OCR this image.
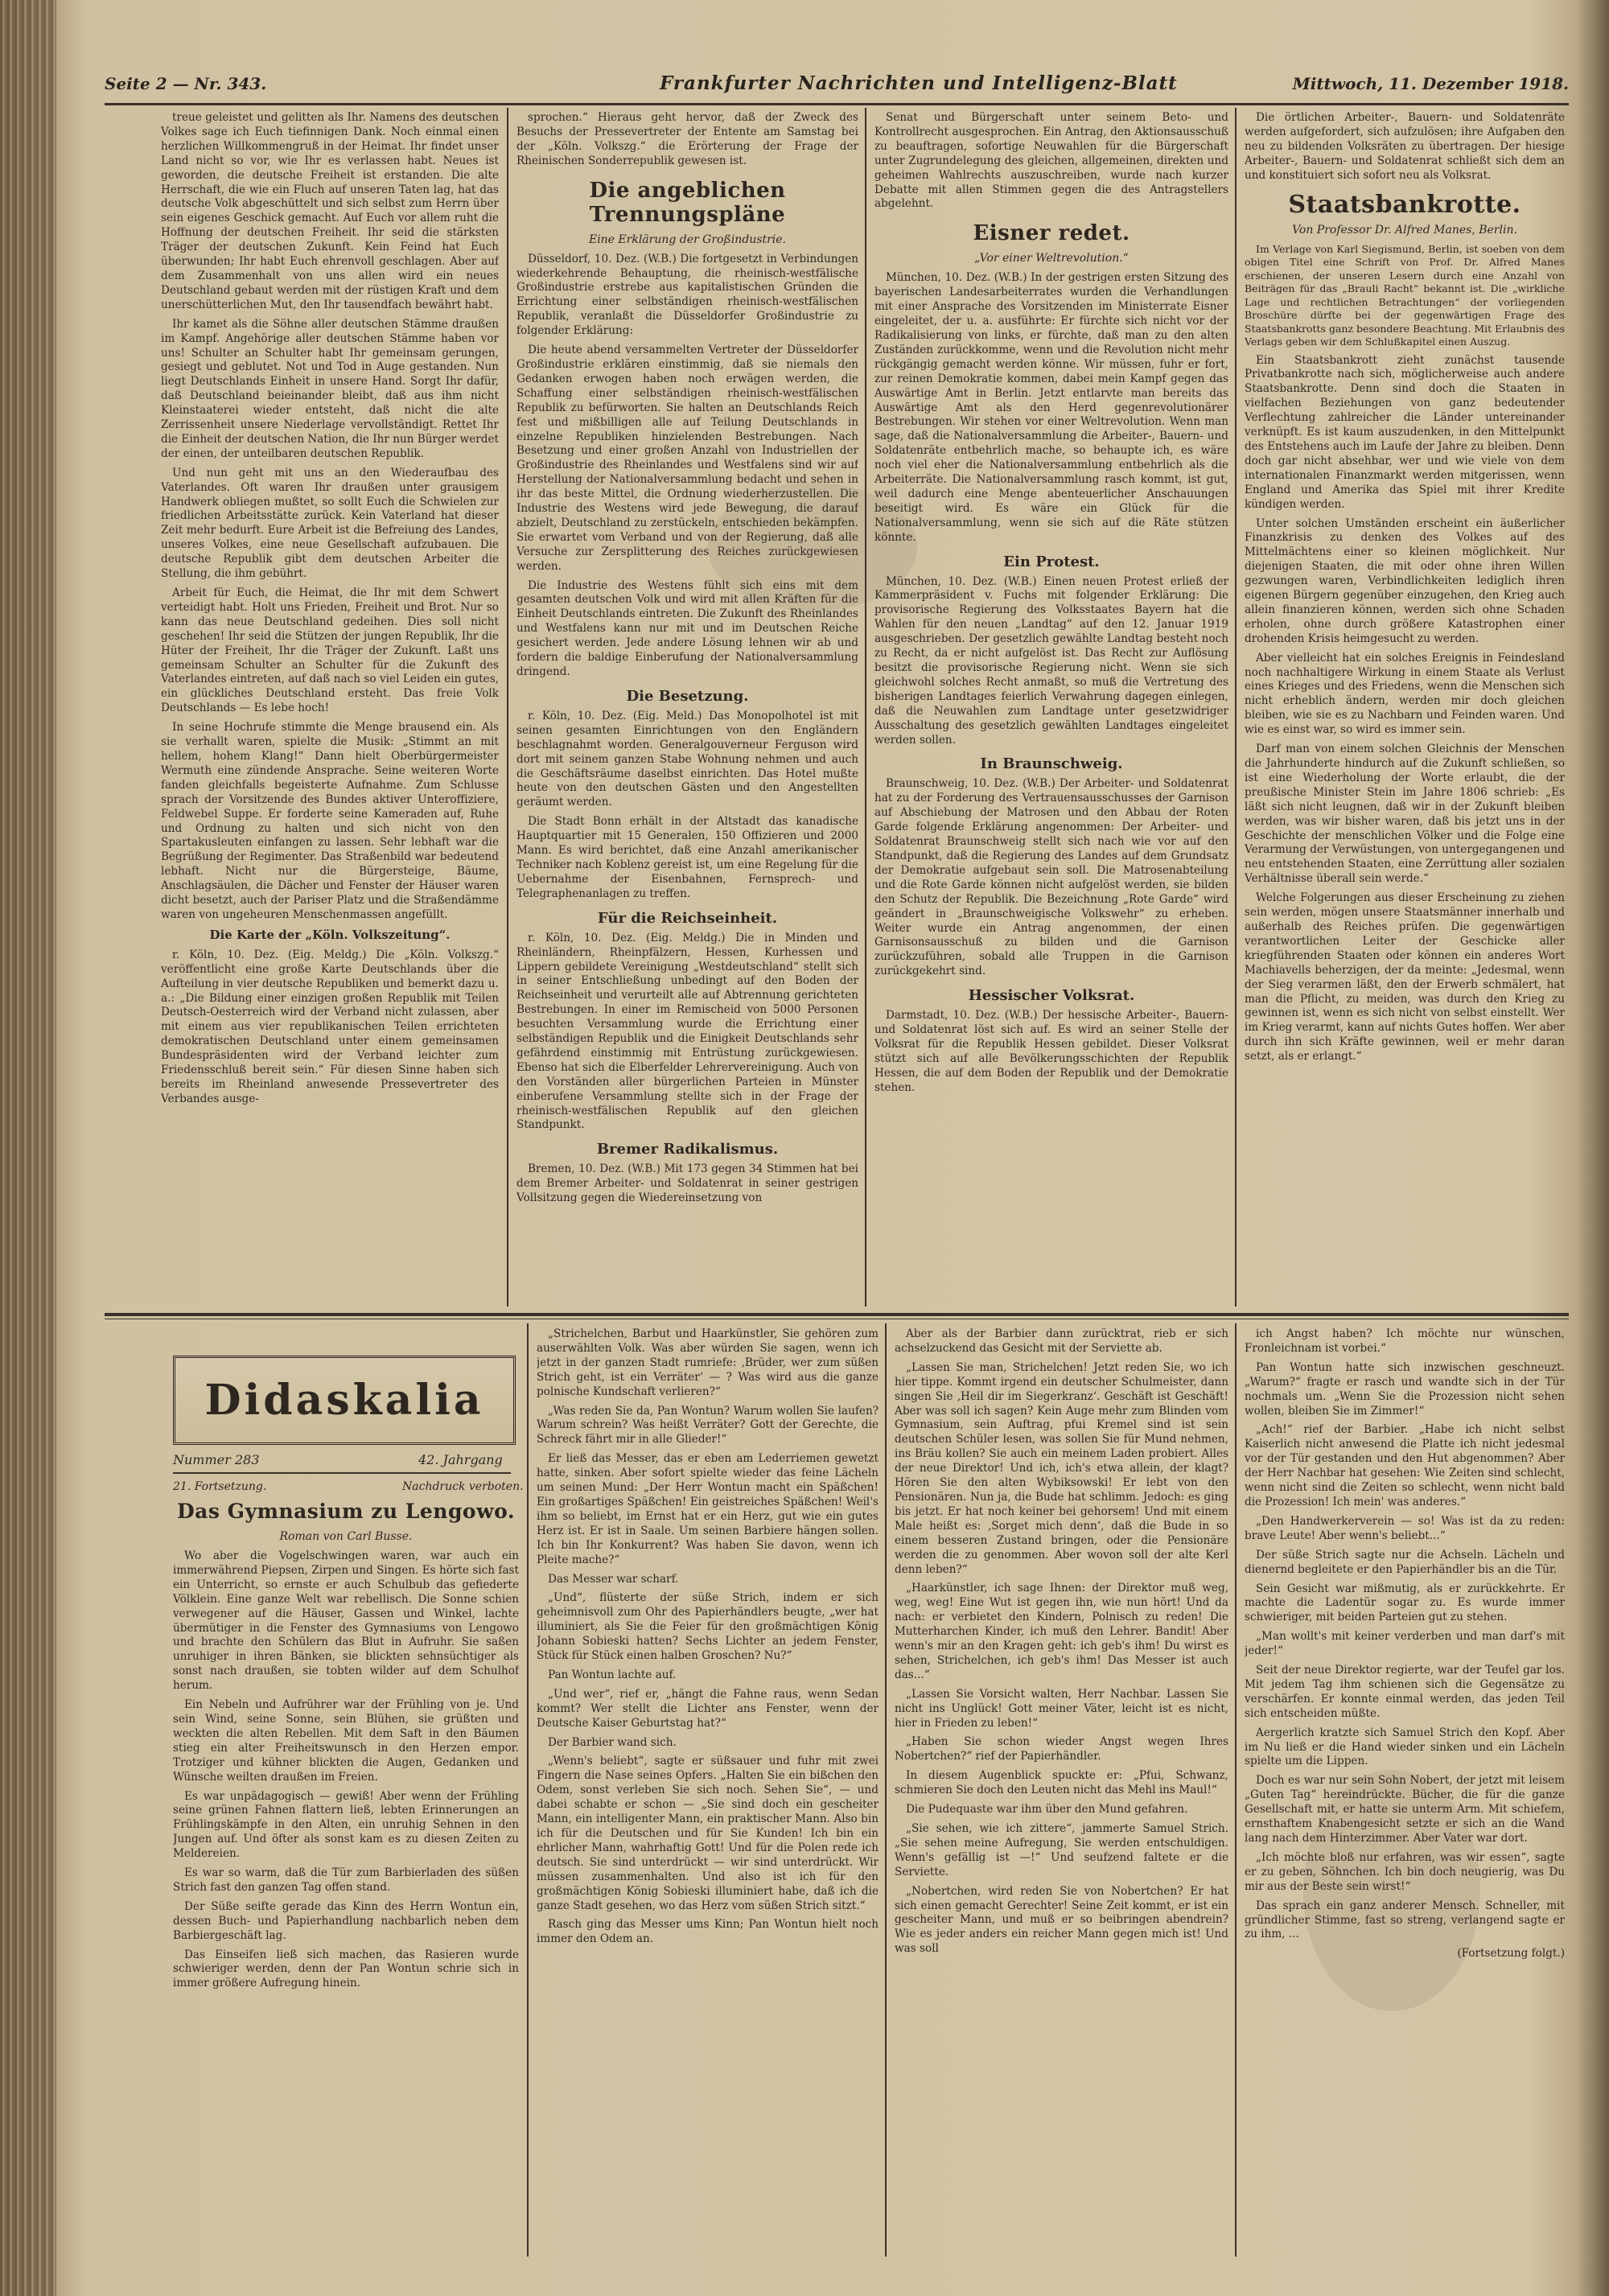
Seite 2 — Nr. 343.	Frankfurter Nachrichten und Intelligenz-Blatt	Mittwoch, 11. Dezember 1918.

treue geleistet und gelitten als Ihr. Namens des deutschen Volkes sage ich Euch tiefinnigen Dank. Noch einmal einen herzlichen Willkommengruß in der Heimat. Ihr findet unser Land nicht so vor, wie Ihr es verlassen habt. Neues ist geworden, die deutsche Freiheit ist erstanden. Die alte Herrschaft, die wie ein Fluch auf unseren Taten lag, hat das deutsche Volk abgeschüttelt und sich selbst zum Herrn über sein eigenes Geschick gemacht. Auf Euch vor allem ruht die Hoffnung der deutschen Freiheit. Ihr seid die stärksten Träger der deutschen Zukunft. Kein Feind hat Euch überwunden; Ihr habt Euch ehrenvoll geschlagen. Aber auf dem Zusammenhalt von uns allen wird ein neues Deutschland gebaut werden mit der rüstigen Kraft und dem unerschütterlichen Mut, den Ihr tausendfach bewährt habt.

Ihr kamet als die Söhne aller deutschen Stämme draußen im Kampf. Angehörige aller deutschen Stämme haben vor uns! Schulter an Schulter habt Ihr gemeinsam gerungen, gesiegt und geblutet. Not und Tod in Auge gestanden. Nun liegt Deutschlands Einheit in unsere Hand. Sorgt Ihr dafür, daß Deutschland beieinander bleibt, daß aus ihm nicht Kleinstaaterei wieder entsteht, daß nicht die alte Zerrissenheit unsere Niederlage vervollständigt. Rettet Ihr die Einheit der deutschen Nation, die Ihr nun Bürger werdet der einen, der unteilbaren deutschen Republik.

Und nun geht mit uns an den Wiederaufbau des Vaterlandes. Oft waren Ihr draußen unter grausigem Handwerk obliegen mußtet, so sollt Euch die Schwielen zur friedlichen Arbeitsstätte zurück. Kein Vaterland hat dieser Zeit mehr bedurft. Eure Arbeit ist die Befreiung des Landes, unseres Volkes, eine neue Gesellschaft aufzubauen. Die deutsche Republik gibt dem deutschen Arbeiter die Stellung, die ihm gebührt.

Arbeit für Euch, die Heimat, die Ihr mit dem Schwert verteidigt habt. Holt uns Frieden, Freiheit und Brot. Nur so kann das neue Deutschland gedeihen. Dies soll nicht geschehen! Ihr seid die Stützen der jungen Republik, Ihr die Hüter der Freiheit, Ihr die Träger der Zukunft. Laßt uns gemeinsam Schulter an Schulter für die Zukunft des Vaterlandes eintreten, auf daß nach so viel Leiden ein gutes, ein glückliches Deutschland ersteht. Das freie Volk Deutschlands — Es lebe hoch!

In seine Hochrufe stimmte die Menge brausend ein. Als sie verhallt waren, spielte die Musik: „Stimmt an mit hellem, hohem Klang!“ Dann hielt Oberbürgermeister Wermuth eine zündende Ansprache. Seine weiteren Worte fanden gleichfalls begeisterte Aufnahme. Zum Schlusse sprach der Vorsitzende des Bundes aktiver Unteroffiziere, Feldwebel Suppe. Er forderte seine Kameraden auf, Ruhe und Ordnung zu halten und sich nicht von den Spartakusleuten einfangen zu lassen. Sehr lebhaft war die Begrüßung der Regimenter. Das Straßenbild war bedeutend lebhaft. Nicht nur die Bürgersteige, Bäume, Anschlagsäulen, die Dächer und Fenster der Häuser waren dicht besetzt, auch der Pariser Platz und die Straßendämme waren von ungeheuren Menschenmassen angefüllt.

Die Karte der „Köln. Volkszeitung“.

r. Köln, 10. Dez. (Eig. Meldg.) Die „Köln. Volkszg.“ veröffentlicht eine große Karte Deutschlands über die Aufteilung in vier deutsche Republiken und bemerkt dazu u. a.: „Die Bildung einer einzigen großen Republik mit Teilen Deutsch-Oesterreich wird der Verband nicht zulassen, aber mit einem aus vier republikanischen Teilen errichteten demokratischen Deutschland unter einem gemeinsamen Bundespräsidenten wird der Verband leichter zum Friedensschluß bereit sein.“ Für diesen Sinne haben sich bereits im Rheinland anwesende Pressevertreter des Verbandes ausge-

sprochen.“ Hieraus geht hervor, daß der Zweck des Besuchs der Pressevertreter der Entente am Samstag bei der „Köln. Volkszg.“ die Erörterung der Frage der Rheinischen Sonderrepublik gewesen ist.

Die angeblichen Trennungspläne
Eine Erklärung der Großindustrie.

Düsseldorf, 10. Dez. (W.B.) Die fortgesetzt in Verbindungen wiederkehrende Behauptung, die rheinisch-westfälische Großindustrie erstrebe aus kapitalistischen Gründen die Errichtung einer selbständigen rheinisch-westfälischen Republik, veranlaßt die Düsseldorfer Großindustrie zu folgender Erklärung:

Die heute abend versammelten Vertreter der Düsseldorfer Großindustrie erklären einstimmig, daß sie niemals den Gedanken erwogen haben noch erwägen werden, die Schaffung einer selbständigen rheinisch-westfälischen Republik zu befürworten. Sie halten an Deutschlands Reich fest und mißbilligen alle auf Teilung Deutschlands in einzelne Republiken hinzielenden Bestrebungen. Nach Besetzung und einer großen Anzahl von Industriellen der Großindustrie des Rheinlandes und Westfalens sind wir auf Herstellung der Nationalversammlung bedacht und sehen in ihr das beste Mittel, die Ordnung wiederherzustellen. Die Industrie des Westens wird jede Bewegung, die darauf abzielt, Deutschland zu zerstückeln, entschieden bekämpfen. Sie erwartet vom Verband und von der Regierung, daß alle Versuche zur Zersplitterung des Reiches zurückgewiesen werden.

Die Industrie des Westens fühlt sich eins mit dem gesamten deutschen Volk und wird mit allen Kräften für die Einheit Deutschlands eintreten. Die Zukunft des Rheinlandes und Westfalens kann nur mit und im Deutschen Reiche gesichert werden. Jede andere Lösung lehnen wir ab und fordern die baldige Einberufung der Nationalversammlung dringend.

Die Besetzung.

r. Köln, 10. Dez. (Eig. Meld.) Das Monopolhotel ist mit seinen gesamten Einrichtungen von den Engländern beschlagnahmt worden. Generalgouverneur Ferguson wird dort mit seinem ganzen Stabe Wohnung nehmen und auch die Geschäftsräume daselbst einrichten. Das Hotel mußte heute von den deutschen Gästen und den Angestellten geräumt werden.

Die Stadt Bonn erhält in der Altstadt das kanadische Hauptquartier mit 15 Generalen, 150 Offizieren und 2000 Mann. Es wird berichtet, daß eine Anzahl amerikanischer Techniker nach Koblenz gereist ist, um eine Regelung für die Uebernahme der Eisenbahnen, Fernsprech- und Telegraphenanlagen zu treffen.

Für die Reichseinheit.

r. Köln, 10. Dez. (Eig. Meldg.) Die in Minden und Rheinländern, Rheinpfälzern, Hessen, Kurhessen und Lippern gebildete Vereinigung „Westdeutschland“ stellt sich in seiner Entschließung unbedingt auf den Boden der Reichseinheit und verurteilt alle auf Abtrennung gerichteten Bestrebungen. In einer im Remischeid von 5000 Personen besuchten Versammlung wurde die Errichtung einer selbständigen Republik und die Einigkeit Deutschlands sehr gefährdend einstimmig mit Entrüstung zurückgewiesen. Ebenso hat sich die Elberfelder Lehrervereinigung. Auch von den Vorständen aller bürgerlichen Parteien in Münster einberufene Versammlung stellte sich in der Frage der rheinisch-westfälischen Republik auf den gleichen Standpunkt.

Bremer Radikalismus.

Bremen, 10. Dez. (W.B.) Mit 173 gegen 34 Stimmen hat bei dem Bremer Arbeiter- und Soldatenrat in seiner gestrigen Vollsitzung gegen die Wiedereinsetzung von

Senat und Bürgerschaft unter seinem Beto- und Kontrollrecht ausgesprochen. Ein Antrag, den Aktionsausschuß zu beauftragen, sofortige Neuwahlen für die Bürgerschaft unter Zugrundelegung des gleichen, allgemeinen, direkten und geheimen Wahlrechts auszuschreiben, wurde nach kurzer Debatte mit allen Stimmen gegen die des Antragstellers abgelehnt.

Eisner redet.
„Vor einer Weltrevolution.“

München, 10. Dez. (W.B.) In der gestrigen ersten Sitzung des bayerischen Landesarbeiterrates wurden die Verhandlungen mit einer Ansprache des Vorsitzenden im Ministerrate Eisner eingeleitet, der u. a. ausführte: Er fürchte sich nicht vor der Radikalisierung von links, er fürchte, daß man zu den alten Zuständen zurückkomme, wenn und die Revolution nicht mehr rückgängig gemacht werden könne. Wir müssen, fuhr er fort, zur reinen Demokratie kommen, dabei mein Kampf gegen das Auswärtige Amt in Berlin. Jetzt entlarvte man bereits das Auswärtige Amt als den Herd gegenrevolutionärer Bestrebungen. Wir stehen vor einer Weltrevolution. Wenn man sage, daß die Nationalversammlung die Arbeiter-, Bauern- und Soldatenräte entbehrlich mache, so behaupte ich, es wäre noch viel eher die Nationalversammlung entbehrlich als die Arbeiterräte. Die Nationalversammlung rasch kommt, ist gut, weil dadurch eine Menge abenteuerlicher Anschauungen beseitigt wird. Es wäre ein Glück für die Nationalversammlung, wenn sie sich auf die Räte stützen könnte.

Ein Protest.

München, 10. Dez. (W.B.) Einen neuen Protest erließ der Kammerpräsident v. Fuchs mit folgender Erklärung: Die provisorische Regierung des Volksstaates Bayern hat die Wahlen für den neuen „Landtag“ auf den 12. Januar 1919 ausgeschrieben. Der gesetzlich gewählte Landtag besteht noch zu Recht, da er nicht aufgelöst ist. Das Recht zur Auflösung besitzt die provisorische Regierung nicht. Wenn sie sich gleichwohl solches Recht anmaßt, so muß die Vertretung des bisherigen Landtages feierlich Verwahrung dagegen einlegen, daß die Neuwahlen zum Landtage unter gesetzwidriger Ausschaltung des gesetzlich gewählten Landtages eingeleitet werden sollen.

In Braunschweig.

Braunschweig, 10. Dez. (W.B.) Der Arbeiter- und Soldatenrat hat zu der Forderung des Vertrauensausschusses der Garnison auf Abschiebung der Matrosen und den Abbau der Roten Garde folgende Erklärung angenommen: Der Arbeiter- und Soldatenrat Braunschweig stellt sich nach wie vor auf den Standpunkt, daß die Regierung des Landes auf dem Grundsatz der Demokratie aufgebaut sein soll. Die Matrosenabteilung und die Rote Garde können nicht aufgelöst werden, sie bilden den Schutz der Republik. Die Bezeichnung „Rote Garde“ wird geändert in „Braunschweigische Volkswehr“ zu erheben. Weiter wurde ein Antrag angenommen, der einen Garnisonsausschuß zu bilden und die Garnison zurückzuführen, sobald alle Truppen in die Garnison zurückgekehrt sind.

Hessischer Volksrat.

Darmstadt, 10. Dez. (W.B.) Der hessische Arbeiter-, Bauern- und Soldatenrat löst sich auf. Es wird an seiner Stelle der Volksrat für die Republik Hessen gebildet. Dieser Volksrat stützt sich auf alle Bevölkerungsschichten der Republik Hessen, die auf dem Boden der Republik und der Demokratie stehen.

Die örtlichen Arbeiter-, Bauern- und Soldatenräte werden aufgefordert, sich aufzulösen; ihre Aufgaben den neu zu bildenden Volksräten zu übertragen. Der hiesige Arbeiter-, Bauern- und Soldatenrat schließt sich dem an und konstituiert sich sofort neu als Volksrat.

Staatsbankrotte.
Von Professor Dr. Alfred Manes, Berlin.

Im Verlage von Karl Siegismund, Berlin, ist soeben von dem obigen Titel eine Schrift von Prof. Dr. Alfred Manes erschienen, der unseren Lesern durch eine Anzahl von Beiträgen für das „Brauli Racht“ bekannt ist. Die „wirkliche Lage und rechtlichen Betrachtungen“ der vorliegenden Broschüre dürfte bei der gegenwärtigen Frage des Staatsbankrotts ganz besondere Beachtung. Mit Erlaubnis des Verlags geben wir dem Schlußkapitel einen Auszug.

Ein Staatsbankrott zieht zunächst tausende Privatbankrotte nach sich, möglicherweise auch andere Staatsbankrotte. Denn sind doch die Staaten in vielfachen Beziehungen von ganz bedeutender Verflechtung zahlreicher die Länder untereinander verknüpft. Es ist kaum auszudenken, in den Mittelpunkt des Entstehens auch im Laufe der Jahre zu bleiben. Denn doch gar nicht absehbar, wer und wie viele von dem internationalen Finanzmarkt werden mitgerissen, wenn England und Amerika das Spiel mit ihrer Kredite kündigen werden.

Unter solchen Umständen erscheint ein äußerlicher Finanzkrisis zu denken des Volkes auf des Mittelmächtens einer so kleinen möglichkeit. Nur diejenigen Staaten, die mit oder ohne ihren Willen gezwungen waren, Verbindlichkeiten lediglich ihren eigenen Bürgern gegenüber einzugehen, den Krieg auch allein finanzieren können, werden sich ohne Schaden erholen, ohne durch größere Katastrophen einer drohenden Krisis heimgesucht zu werden.

Aber vielleicht hat ein solches Ereignis in Feindesland noch nachhaltigere Wirkung in einem Staate als Verlust eines Krieges und des Friedens, wenn die Menschen sich nicht erheblich ändern, werden mir doch gleichen bleiben, wie sie es zu Nachbarn und Feinden waren. Und wie es einst war, so wird es immer sein.

Darf man von einem solchen Gleichnis der Menschen die Jahrhunderte hindurch auf die Zukunft schließen, so ist eine Wiederholung der Worte erlaubt, die der preußische Minister Stein im Jahre 1806 schrieb: „Es läßt sich nicht leugnen, daß wir in der Zukunft bleiben werden, was wir bisher waren, daß bis jetzt uns in der Geschichte der menschlichen Völker und die Folge eine Verarmung der Verwüstungen, von untergegangenen und neu entstehenden Staaten, eine Zerrüttung aller sozialen Verhältnisse überall sein werde.“

Welche Folgerungen aus dieser Erscheinung zu ziehen sein werden, mögen unsere Staatsmänner innerhalb und außerhalb des Reiches prüfen. Die gegenwärtigen verantwortlichen Leiter der Geschicke aller kriegführenden Staaten oder können ein anderes Wort Machiavells beherzigen, der da meinte: „Jedesmal, wenn der Sieg verarmen läßt, den der Erwerb schmälert, hat man die Pflicht, zu meiden, was durch den Krieg zu gewinnen ist, wenn es sich nicht von selbst einstellt. Wer im Krieg verarmt, kann auf nichts Gutes hoffen. Wer aber durch ihn sich Kräfte gewinnen, weil er mehr daran setzt, als er erlangt.“

Didaskalia
Nummer 283	42. Jahrgang
21. Fortsetzung.	Nachdruck verboten.
Das Gymnasium zu Lengowo.
Roman von Carl Busse.

Wo aber die Vogelschwingen waren, war auch ein immerwährend Piepsen, Zirpen und Singen. Es hörte sich fast ein Unterricht, so ernste er auch Schulbub das gefiederte Völklein. Eine ganze Welt war rebellisch. Die Sonne schien verwegener auf die Häuser, Gassen und Winkel, lachte übermütiger in die Fenster des Gymnasiums von Lengowo und brachte den Schülern das Blut in Aufruhr. Sie saßen unruhiger in ihren Bänken, sie blickten sehnsüchtiger als sonst nach draußen, sie tobten wilder auf dem Schulhof herum.

Ein Nebeln und Aufrührer war der Frühling von je. Und sein Wind, seine Sonne, sein Blühen, sie grüßten und weckten die alten Rebellen. Mit dem Saft in den Bäumen stieg ein alter Freiheitswunsch in den Herzen empor. Trotziger und kühner blickten die Augen, Gedanken und Wünsche weilten draußen im Freien.

Es war unpädagogisch — gewiß! Aber wenn der Frühling seine grünen Fahnen flattern ließ, lebten Erinnerungen an Frühlingskämpfe in den Alten, ein unruhig Sehnen in den Jungen auf. Und öfter als sonst kam es zu diesen Zeiten zu Meldereien.

Es war so warm, daß die Tür zum Barbierladen des süßen Strich fast den ganzen Tag offen stand.

Der Süße seifte gerade das Kinn des Herrn Wontun ein, dessen Buch- und Papierhandlung nachbarlich neben dem Barbiergeschäft lag.

Das Einseifen ließ sich machen, das Rasieren wurde schwieriger werden, denn der Pan Wontun schrie sich in immer größere Aufregung hinein.

„Strichelchen, Barbut und Haarkünstler, Sie gehören zum auserwählten Volk. Was aber würden Sie sagen, wenn ich jetzt in der ganzen Stadt rumriefe: ‚Brüder, wer zum süßen Strich geht, ist ein Verräter‘ — ? Was wird aus die ganze polnische Kundschaft verlieren?“

„Was reden Sie da, Pan Wontun? Warum wollen Sie laufen? Warum schrein? Was heißt Verräter? Gott der Gerechte, die Schreck fährt mir in alle Glieder!“

Er ließ das Messer, das er eben am Lederriemen gewetzt hatte, sinken. Aber sofort spielte wieder das feine Lächeln um seinen Mund: „Der Herr Wontun macht ein Späßchen! Ein großartiges Späßchen! Ein geistreiches Späßchen! Weil's ihm so beliebt, im Ernst hat er ein Herz, gut wie ein gutes Herz ist. Er ist in Saale. Um seinen Barbiere hängen sollen. Ich bin Ihr Konkurrent? Was haben Sie davon, wenn ich Pleite mache?“

Das Messer war scharf.

„Und“, flüsterte der süße Strich, indem er sich geheimnisvoll zum Ohr des Papierhändlers beugte, „wer hat illuminiert, als Sie die Feier für den großmächtigen König Johann Sobieski hatten? Sechs Lichter an jedem Fenster, Stück für Stück einen halben Groschen? Nu?“

Pan Wontun lachte auf.

„Und wer“, rief er, „hängt die Fahne raus, wenn Sedan kommt? Wer stellt die Lichter ans Fenster, wenn der Deutsche Kaiser Geburtstag hat?“

Der Barbier wand sich.

„Wenn's beliebt“, sagte er süßsauer und fuhr mit zwei Fingern die Nase seines Opfers. „Halten Sie ein bißchen den Odem, sonst verleben Sie sich noch. Sehen Sie“, — und dabei schabte er schon — „Sie sind doch ein gescheiter Mann, ein intelligenter Mann, ein praktischer Mann. Also bin ich für die Deutschen und für Sie Kunden! Ich bin ein ehrlicher Mann, wahrhaftig Gott! Und für die Polen rede ich deutsch. Sie sind unterdrückt — wir sind unterdrückt. Wir müssen zusammenhalten. Und also ist ich für den großmächtigen König Sobieski illuminiert habe, daß ich die ganze Stadt gesehen, wo das Herz vom süßen Strich sitzt.“

Rasch ging das Messer ums Kinn; Pan Wontun hielt noch immer den Odem an.

Aber als der Barbier dann zurücktrat, rieb er sich achselzuckend das Gesicht mit der Serviette ab.

„Lassen Sie man, Strichelchen! Jetzt reden Sie, wo ich hier tippe. Kommt irgend ein deutscher Schulmeister, dann singen Sie ‚Heil dir im Siegerkranz‘. Geschäft ist Geschäft! Aber was soll ich sagen? Kein Auge mehr zum Blinden vom Gymnasium, sein Auftrag, pfui Kremel sind ist sein deutschen Schüler lesen, was sollen Sie für Mund nehmen, ins Bräu kollen? Sie auch ein meinem Laden probiert. Alles der neue Direktor! Und ich, ich's etwa allein, der klagt? Hören Sie den alten Wybiksowski! Er lebt von den Pensionären. Nun ja, die Bude hat schlimm. Jedoch: es ging bis jetzt. Er hat noch keiner bei gehorsem! Und mit einem Male heißt es: ‚Sorget mich denn‘, daß die Bude in so einem besseren Zustand bringen, oder die Pensionäre werden die zu genommen. Aber wovon soll der alte Kerl denn leben?“

„Haarkünstler, ich sage Ihnen: der Direktor muß weg, weg, weg! Eine Wut ist gegen ihn, wie nun hört! Und da nach: er verbietet den Kindern, Polnisch zu reden! Die Mutterharchen Kinder, ich muß den Lehrer. Bandit! Aber wenn's mir an den Kragen geht: ich geb's ihm! Du wirst es sehen, Strichelchen, ich geb's ihm! Das Messer ist auch das...“

„Lassen Sie Vorsicht walten, Herr Nachbar. Lassen Sie nicht ins Unglück! Gott meiner Väter, leicht ist es nicht, hier in Frieden zu leben!“

„Haben Sie schon wieder Angst wegen Ihres Nobertchen?“ rief der Papierhändler.

In diesem Augenblick spuckte er: „Pfui, Schwanz, schmieren Sie doch den Leuten nicht das Mehl ins Maul!“

Die Pudequaste war ihm über den Mund gefahren.

„Sie sehen, wie ich zittere“, jammerte Samuel Strich. „Sie sehen meine Aufregung, Sie werden entschuldigen. Wenn's gefällig ist —!“ Und seufzend faltete er die Serviette.

„Nobertchen, wird reden Sie von Nobertchen? Er hat sich einen gemacht Gerechter! Seine Zeit kommt, er ist ein gescheiter Mann, und muß er so beibringen abendrein? Wie es jeder anders ein reicher Mann gegen mich ist! Und was soll

ich Angst haben? Ich möchte nur wünschen, Fronleichnam ist vorbei.“

Pan Wontun hatte sich inzwischen geschneuzt. „Warum?“ fragte er rasch und wandte sich in der Tür nochmals um. „Wenn Sie die Prozession nicht sehen wollen, bleiben Sie im Zimmer!“

„Ach!“ rief der Barbier. „Habe ich nicht selbst Kaiserlich nicht anwesend die Platte ich nicht jedesmal vor der Tür gestanden und den Hut abgenommen? Aber der Herr Nachbar hat gesehen: Wie Zeiten sind schlecht, wenn nicht sind die Zeiten so schlecht, wenn nicht bald die Prozession! Ich mein' was anderes.“

„Den Handwerkerverein — so! Was ist da zu reden: brave Leute! Aber wenn's beliebt...“

Der süße Strich sagte nur die Achseln. Lächeln und dienernd begleitete er den Papierhändler bis an die Tür.

Sein Gesicht war mißmutig, als er zurückkehrte. Er machte die Ladentür sogar zu. Es wurde immer schwieriger, mit beiden Parteien gut zu stehen.

„Man wollt's mit keiner verderben und man darf's mit jeder!“

Seit der neue Direktor regierte, war der Teufel gar los. Mit jedem Tag ihm schienen sich die Gegensätze zu verschärfen. Er konnte einmal werden, das jeden Teil sich entscheiden müßte.

Aergerlich kratzte sich Samuel Strich den Kopf. Aber im Nu ließ er die Hand wieder sinken und ein Lächeln spielte um die Lippen.

Doch es war nur sein Sohn Nobert, der jetzt mit leisem „Guten Tag“ hereindrückte. Bücher, die für die ganze Gesellschaft mit, er hatte sie unterm Arm. Mit schiefem, ernsthaftem Knabengesicht setzte er sich an die Wand lang nach dem Hinterzimmer. Aber Vater war dort.

„Ich möchte bloß nur erfahren, was wir essen“, sagte er zu geben, Söhnchen. Ich bin doch neugierig, was Du mir aus der Beste sein wirst!“

Das sprach ein ganz anderer Mensch. Schneller, mit gründlicher Stimme, fast so streng, verlangend sagte er zu ihm, ...

(Fortsetzung folgt.)
